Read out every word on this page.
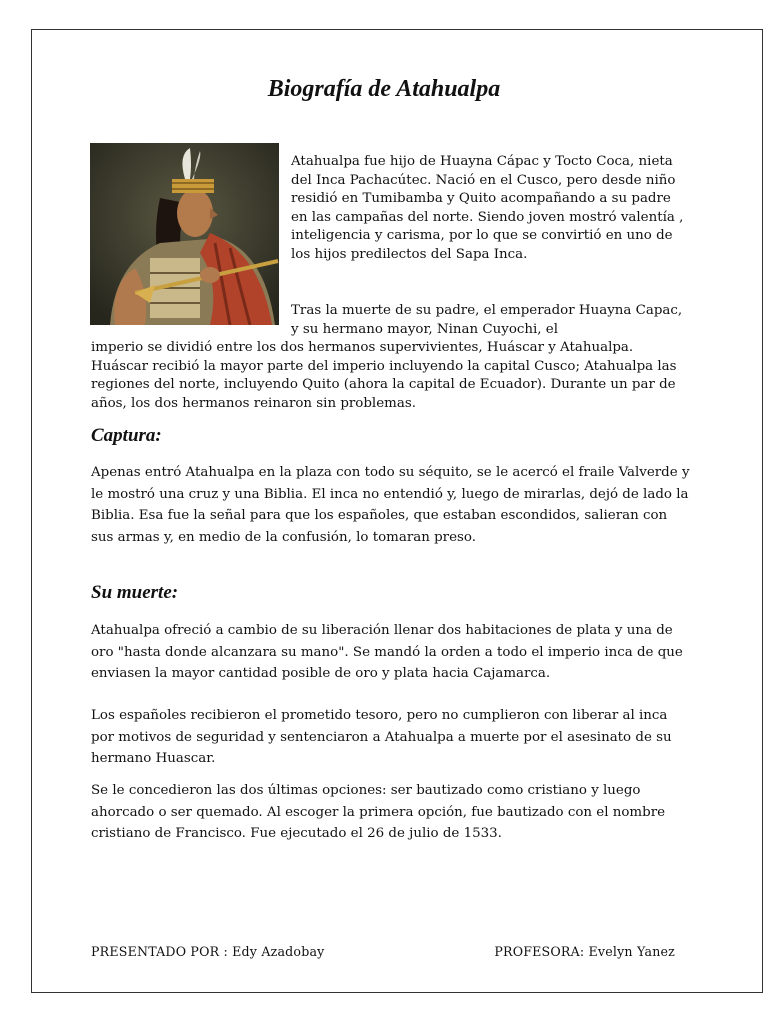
Biografía de Atahualpa

Atahualpa fue hijo de Huayna Cápac y Tocto Coca, nieta del Inca Pachacútec. Nació en el Cusco, pero desde niño residió en Tumibamba y Quito acompañando a su padre en las campañas del norte. Siendo joven mostró valentía , inteligencia y carisma, por lo que se convirtió en uno de los hijos predilectos del Sapa Inca.

Tras la muerte de su padre, el emperador Huayna Capac, y su hermano mayor, Ninan Cuyochi, el

imperio se dividió entre los dos hermanos supervivientes, Huáscar y Atahualpa. Huáscar recibió la mayor parte del imperio incluyendo la capital Cusco; Atahualpa las regiones del norte, incluyendo Quito (ahora la capital de Ecuador). Durante un par de años, los dos hermanos reinaron sin problemas.

Captura:

Apenas entró Atahualpa en la plaza con todo su séquito, se le acercó el fraile Valverde y le mostró una cruz y una Biblia. El inca no entendió y, luego de mirarlas, dejó de lado la Biblia. Esa fue la señal para que los españoles, que estaban escondidos, salieran con sus armas y, en medio de la confusión, lo tomaran preso.

Su muerte:

Atahualpa ofreció a cambio de su liberación llenar dos habitaciones de plata y una de oro "hasta donde alcanzara su mano". Se mandó la orden a todo el imperio inca de que enviasen la mayor cantidad posible de oro y plata hacia Cajamarca.

Los españoles recibieron el prometido tesoro, pero no cumplieron con liberar al inca por motivos de seguridad y sentenciaron a Atahualpa a muerte por el asesinato de su hermano Huascar.

Se le concedieron las dos últimas opciones: ser bautizado como cristiano y luego ahorcado o ser quemado. Al escoger la primera opción, fue bautizado con el nombre cristiano de Francisco. Fue ejecutado el 26 de julio de 1533.

PRESENTADO POR : Edy Azadobay	PROFESORA: Evelyn Yanez
